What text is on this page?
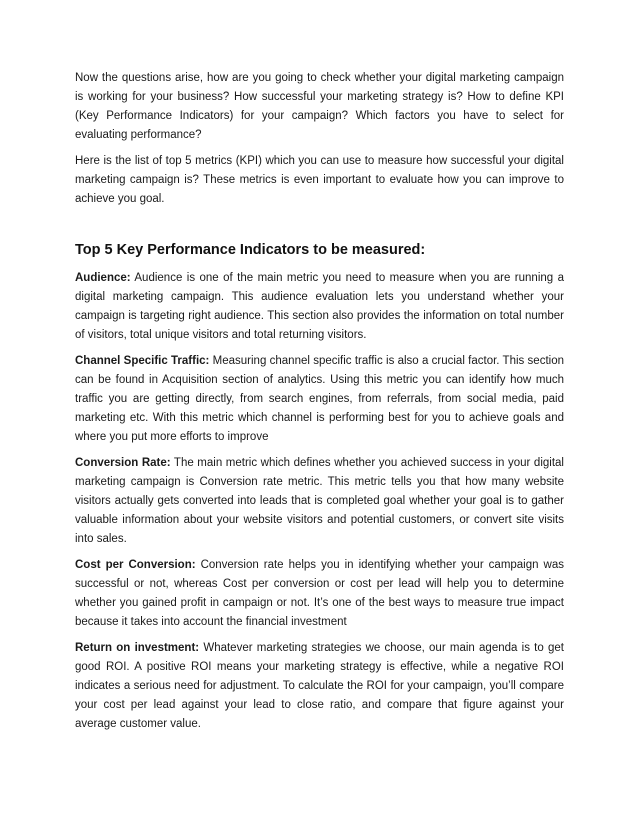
Now the questions arise, how are you going to check whether your digital marketing campaign is working for your business? How successful your marketing strategy is? How to define KPI (Key Performance Indicators) for your campaign? Which factors you have to select for evaluating performance?

Here is the list of top 5 metrics (KPI) which you can use to measure how successful your digital marketing campaign is? These metrics is even important to evaluate how you can improve to achieve you goal.

Top 5 Key Performance Indicators to be measured:

Audience: Audience is one of the main metric you need to measure when you are running a digital marketing campaign. This audience evaluation lets you understand whether your campaign is targeting right audience. This section also provides the information on total number of visitors, total unique visitors and total returning visitors.

Channel Specific Traffic: Measuring channel specific traffic is also a crucial factor. This section can be found in Acquisition section of analytics. Using this metric you can identify how much traffic you are getting directly, from search engines, from referrals, from social media, paid marketing etc. With this metric which channel is performing best for you to achieve goals and where you put more efforts to improve

Conversion Rate: The main metric which defines whether you achieved success in your digital marketing campaign is Conversion rate metric. This metric tells you that how many website visitors actually gets converted into leads that is completed goal whether your goal is to gather valuable information about your website visitors and potential customers, or convert site visits into sales.

Cost per Conversion: Conversion rate helps you in identifying whether your campaign was successful or not, whereas Cost per conversion or cost per lead will help you to determine whether you gained profit in campaign or not. It’s one of the best ways to measure true impact because it takes into account the financial investment

Return on investment: Whatever marketing strategies we choose, our main agenda is to get good ROI. A positive ROI means your marketing strategy is effective, while a negative ROI indicates a serious need for adjustment. To calculate the ROI for your campaign, you’ll compare your cost per lead against your lead to close ratio, and compare that figure against your average customer value.
